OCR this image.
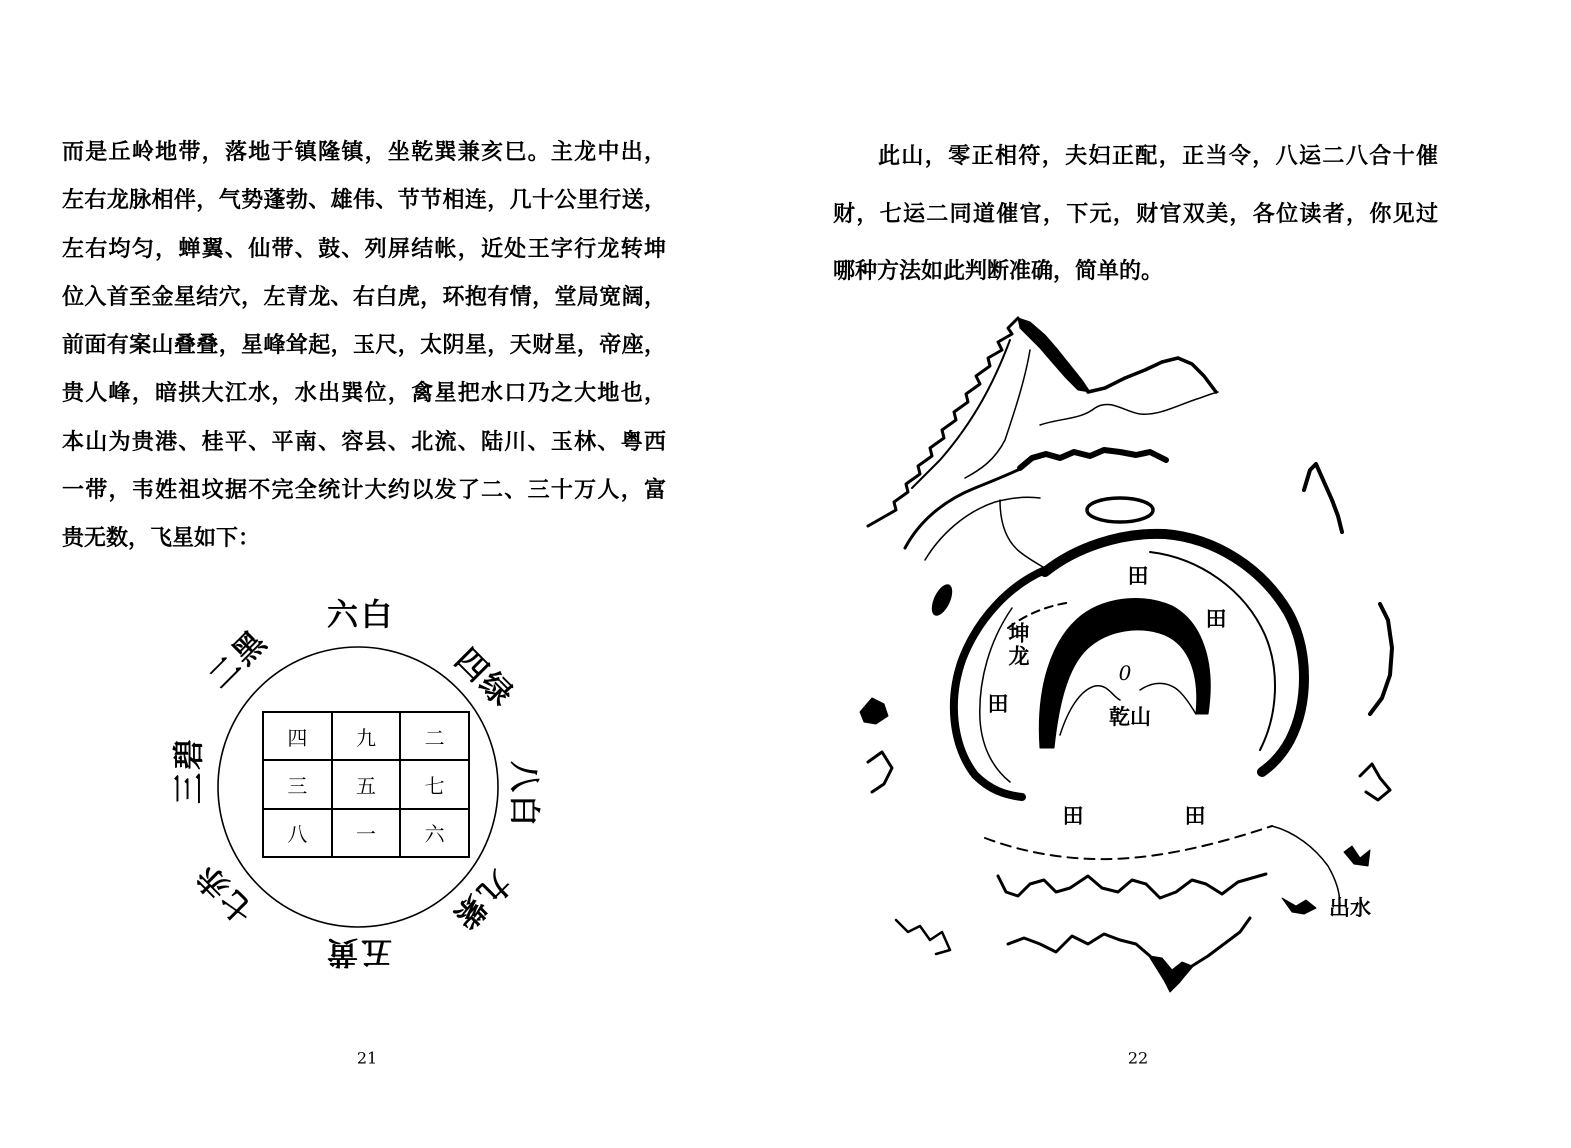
而是丘岭地带，落地于镇隆镇，坐乾巽兼亥巳。主龙中出，
左右龙脉相伴，气势蓬勃、雄伟、节节相连，几十公里行送，
左右均匀，蝉翼、仙带、鼓、列屏结帐，近处王字行龙转坤
位入首至金星结穴，左青龙、右白虎，环抱有情，堂局宽阔，
前面有案山叠叠，星峰耸起，玉尺，太阴星，天财星，帝座，
贵人峰，暗拱大江水，水出巽位，禽星把水口乃之大地也，
本山为贵港、桂平、平南、容县、北流、陆川、玉林、粤西
一带，韦姓祖坟据不完全统计大约以发了二、三十万人，富
贵无数，飞星如下：
六白
四绿
八白
九紫
五黄
七赤
三碧
二黑
四	九	二
三	五	七
八	一	六
21
此山，零正相符，夫妇正配，正当令，八运二八合十催
财，七运二同道催官，下元，财官双美，各位读者，你见过
哪种方法如此判断准确，简单的。
田
田
坤龙
田
0
乾山
田	田
出水
22
